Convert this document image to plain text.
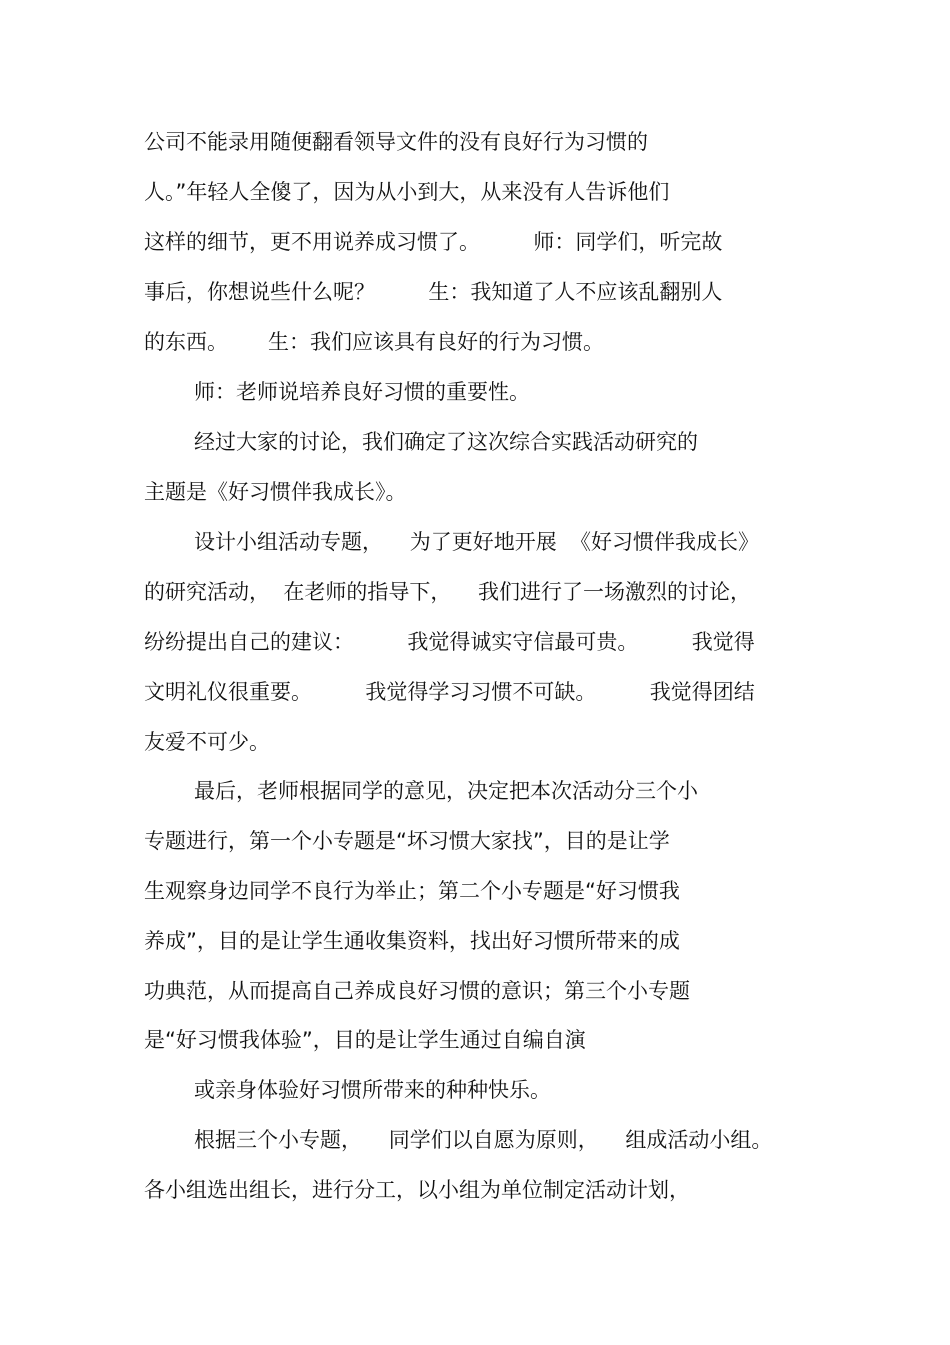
公司不能录用随便翻看领导文件的没有良好行为习惯的
人。”年轻人全傻了，因为从小到大，从来没有人告诉他们
这样的细节，更不用说养成习惯了。        师：同学们，听完故
事后，你想说些什么呢？        生：我知道了人不应该乱翻别人
的东西。      生：我们应该具有良好的行为习惯。
师：老师说培养良好习惯的重要性。
经过大家的讨论，我们确定了这次综合实践活动研究的
主题是《好习惯伴我成长》。
设计小组活动专题，    为了更好地开展  《好习惯伴我成长》
的研究活动，  在老师的指导下，    我们进行了一场激烈的讨论，
纷纷提出自己的建议：        我觉得诚实守信最可贵。        我觉得
文明礼仪很重要。        我觉得学习习惯不可缺。        我觉得团结
友爱不可少。
最后，老师根据同学的意见，决定把本次活动分三个小
专题进行，第一个小专题是“坏习惯大家找”，目的是让学
生观察身边同学不良行为举止；第二个小专题是“好习惯我
养成”，目的是让学生通收集资料，找出好习惯所带来的成
功典范，从而提高自己养成良好习惯的意识；第三个小专题
是“好习惯我体验”，目的是让学生通过自编自演
或亲身体验好习惯所带来的种种快乐。
根据三个小专题，    同学们以自愿为原则，    组成活动小组。
各小组选出组长，进行分工，以小组为单位制定活动计划，
